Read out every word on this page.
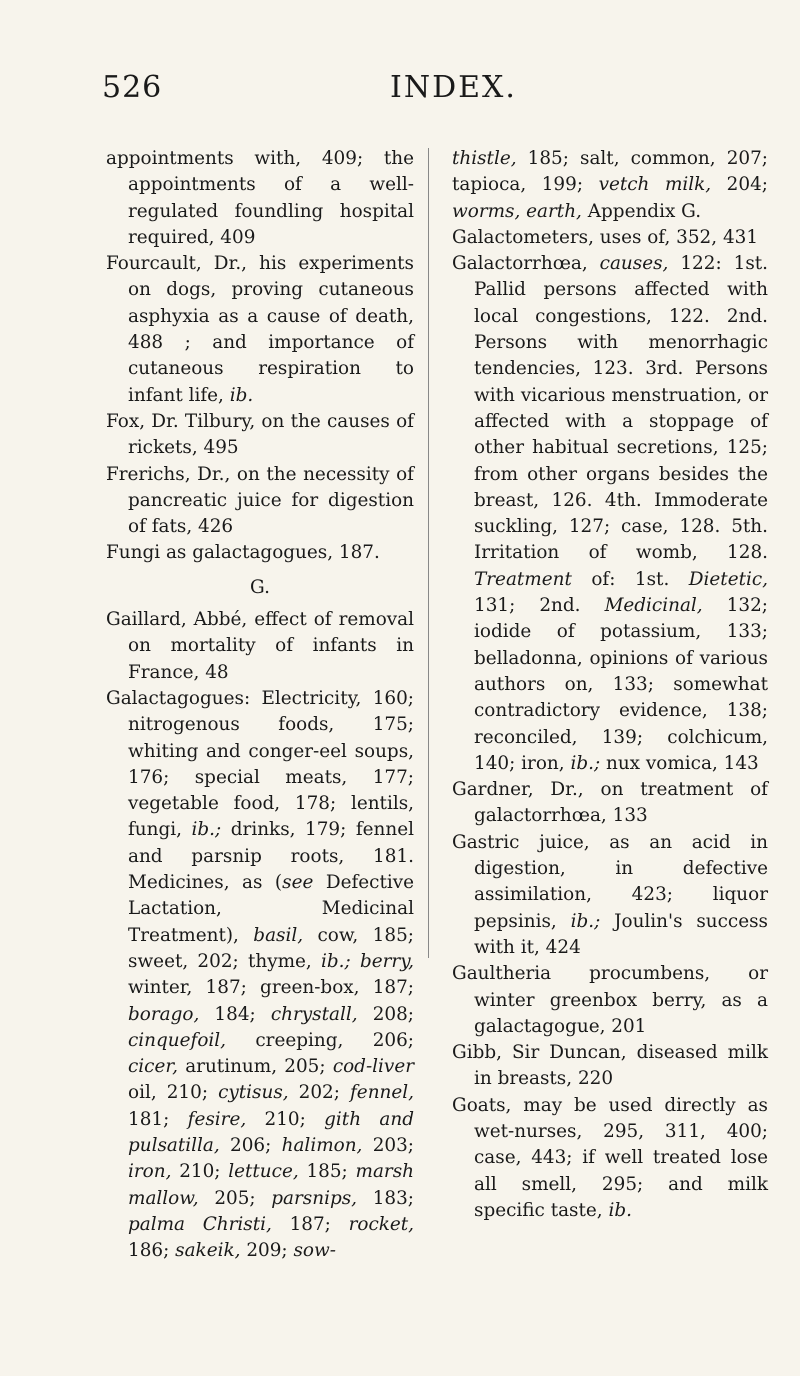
526	INDEX.

appointments with, 409; the appointments of a well-regulated foundling hospital required, 409

Fourcault, Dr., his experiments on dogs, proving cutaneous asphyxia as a cause of death, 488 ; and importance of cutaneous respiration to infant life, ib.

Fox, Dr. Tilbury, on the causes of rickets, 495

Frerichs, Dr., on the necessity of pancreatic juice for digestion of fats, 426

Fungi as galactagogues, 187.

G.

Gaillard, Abbé, effect of removal on mortality of infants in France, 48

Galactagogues: Electricity, 160; nitrogenous foods, 175; whiting and conger-eel soups, 176; special meats, 177; vegetable food, 178; lentils, fungi, ib.; drinks, 179; fennel and parsnip roots, 181. Medicines, as (see Defective Lactation, Medicinal Treatment), basil, cow, 185; sweet, 202; thyme, ib.; berry, winter, 187; green-box, 187; borago, 184; chrystall, 208; cinquefoil, creeping, 206; cicer, arutinum, 205; cod-liver oil, 210; cytisus, 202; fennel, 181; fesire, 210; gith and pulsatilla, 206; halimon, 203; iron, 210; lettuce, 185; marsh mallow, 205; parsnips, 183; palma Christi, 187; rocket, 186; sakeik, 209; sow-

thistle, 185; salt, common, 207; tapioca, 199; vetch milk, 204; worms, earth, Appendix G.

Galactometers, uses of, 352, 431

Galactorrhœa, causes, 122: 1st. Pallid persons affected with local congestions, 122. 2nd. Persons with menorrhagic tendencies, 123. 3rd. Persons with vicarious menstruation, or affected with a stoppage of other habitual secretions, 125; from other organs besides the breast, 126. 4th. Immoderate suckling, 127; case, 128. 5th. Irritation of womb, 128. Treatment of: 1st. Dietetic, 131; 2nd. Medicinal, 132; iodide of potassium, 133; belladonna, opinions of various authors on, 133; somewhat contradictory evidence, 138; reconciled, 139; colchicum, 140; iron, ib.; nux vomica, 143

Gardner, Dr., on treatment of galactorrhœa, 133

Gastric juice, as an acid in digestion, in defective assimilation, 423; liquor pepsinis, ib.; Joulin's success with it, 424

Gaultheria procumbens, or winter greenbox berry, as a galactagogue, 201

Gibb, Sir Duncan, diseased milk in breasts, 220

Goats, may be used directly as wet-nurses, 295, 311, 400; case, 443; if well treated lose all smell, 295; and milk specific taste, ib.
